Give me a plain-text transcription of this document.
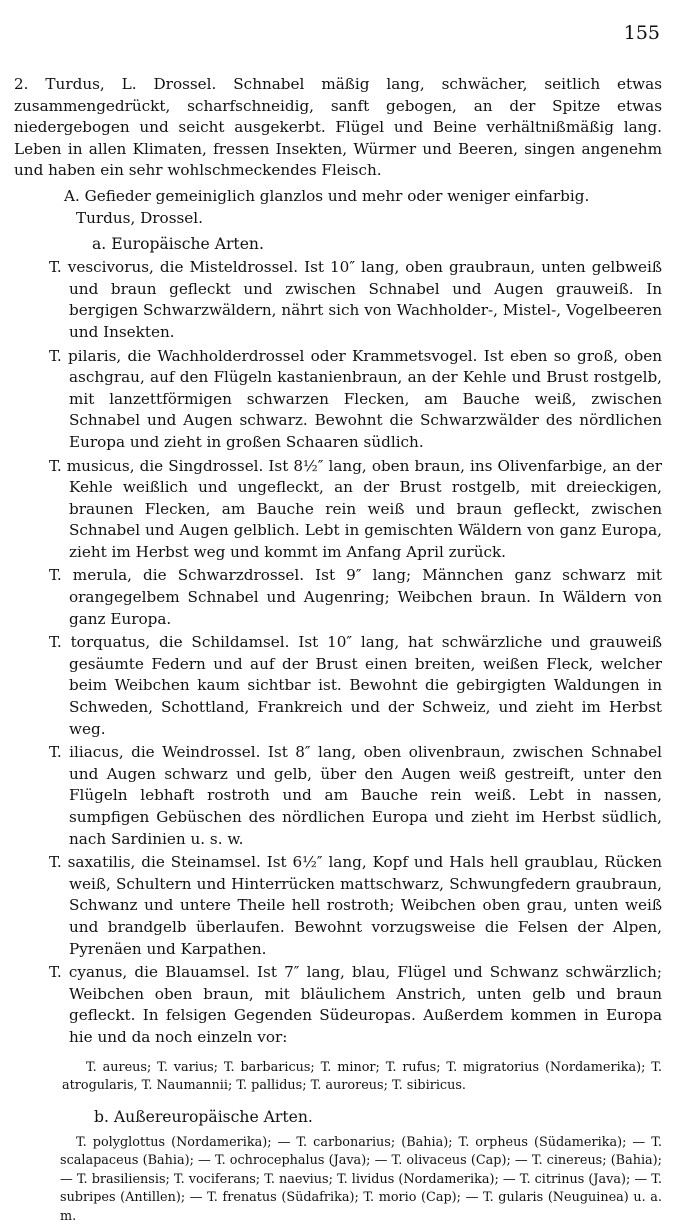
155

2. Turdus, L. Drossel. Schnabel mäßig lang, schwächer, seitlich etwas zusammengedrückt, scharfschneidig, sanft gebogen, an der Spitze etwas niedergebogen und seicht ausgekerbt. Flügel und Beine verhältnißmäßig lang. Leben in allen Klimaten, fressen Insekten, Würmer und Beeren, singen angenehm und haben ein sehr wohlschmeckendes Fleisch.

A. Gefieder gemeiniglich glanzlos und mehr oder weniger einfarbig.
Turdus, Drossel.
a. Europäische Arten.

T. vescivorus, die Misteldrossel. Ist 10″ lang, oben graubraun, unten gelbweiß und braun gefleckt und zwischen Schnabel und Augen grauweiß. In bergigen Schwarzwäldern, nährt sich von Wachholder-, Mistel-, Vogelbeeren und Insekten.

T. pilaris, die Wachholderdrossel oder Krammetsvogel. Ist eben so groß, oben aschgrau, auf den Flügeln kastanienbraun, an der Kehle und Brust rostgelb, mit lanzettförmigen schwarzen Flecken, am Bauche weiß, zwischen Schnabel und Augen schwarz. Bewohnt die Schwarzwälder des nördlichen Europa und zieht in großen Schaaren südlich.

T. musicus, die Singdrossel. Ist 8½″ lang, oben braun, ins Olivenfarbige, an der Kehle weißlich und ungefleckt, an der Brust rostgelb, mit dreieckigen, braunen Flecken, am Bauche rein weiß und braun gefleckt, zwischen Schnabel und Augen gelblich. Lebt in gemischten Wäldern von ganz Europa, zieht im Herbst weg und kommt im Anfang April zurück.

T. merula, die Schwarzdrossel. Ist 9″ lang; Männchen ganz schwarz mit orangegelbem Schnabel und Augenring; Weibchen braun. In Wäldern von ganz Europa.

T. torquatus, die Schildamsel. Ist 10″ lang, hat schwärzliche und grauweiß gesäumte Federn und auf der Brust einen breiten, weißen Fleck, welcher beim Weibchen kaum sichtbar ist. Bewohnt die gebirgigten Waldungen in Schweden, Schottland, Frankreich und der Schweiz, und zieht im Herbst weg.

T. iliacus, die Weindrossel. Ist 8″ lang, oben olivenbraun, zwischen Schnabel und Augen schwarz und gelb, über den Augen weiß gestreift, unter den Flügeln lebhaft rostroth und am Bauche rein weiß. Lebt in nassen, sumpfigen Gebüschen des nördlichen Europa und zieht im Herbst südlich, nach Sardinien u. s. w.

T. saxatilis, die Steinamsel. Ist 6½″ lang, Kopf und Hals hell graublau, Rücken weiß, Schultern und Hinterrücken mattschwarz, Schwungfedern graubraun, Schwanz und untere Theile hell rostroth; Weibchen oben grau, unten weiß und brandgelb überlaufen. Bewohnt vorzugsweise die Felsen der Alpen, Pyrenäen und Karpathen.

T. cyanus, die Blauamsel. Ist 7″ lang, blau, Flügel und Schwanz schwärzlich; Weibchen oben braun, mit bläulichem Anstrich, unten gelb und braun gefleckt. In felsigen Gegenden Südeuropas. Außerdem kommen in Europa hie und da noch einzeln vor:

T. aureus; T. varius; T. barbaricus; T. minor; T. rufus; T. migratorius (Nordamerika); T. atrogularis, T. Naumannii; T. pallidus; T. auroreus; T. sibiricus.

b. Außereuropäische Arten.

T. polyglottus (Nordamerika); — T. carbonarius; (Bahia); T. orpheus (Südamerika); — T. scalapaceus (Bahia); — T. ochrocephalus (Java); — T. olivaceus (Cap); — T. cinereus; (Bahia); — T. brasiliensis; T. vociferans; T. naevius; T. lividus (Nordamerika); — T. citrinus (Java); — T. subripes (Antillen); — T. frenatus (Südafrika); T. morio (Cap); — T. gularis (Neuguinea) u. a. m.
